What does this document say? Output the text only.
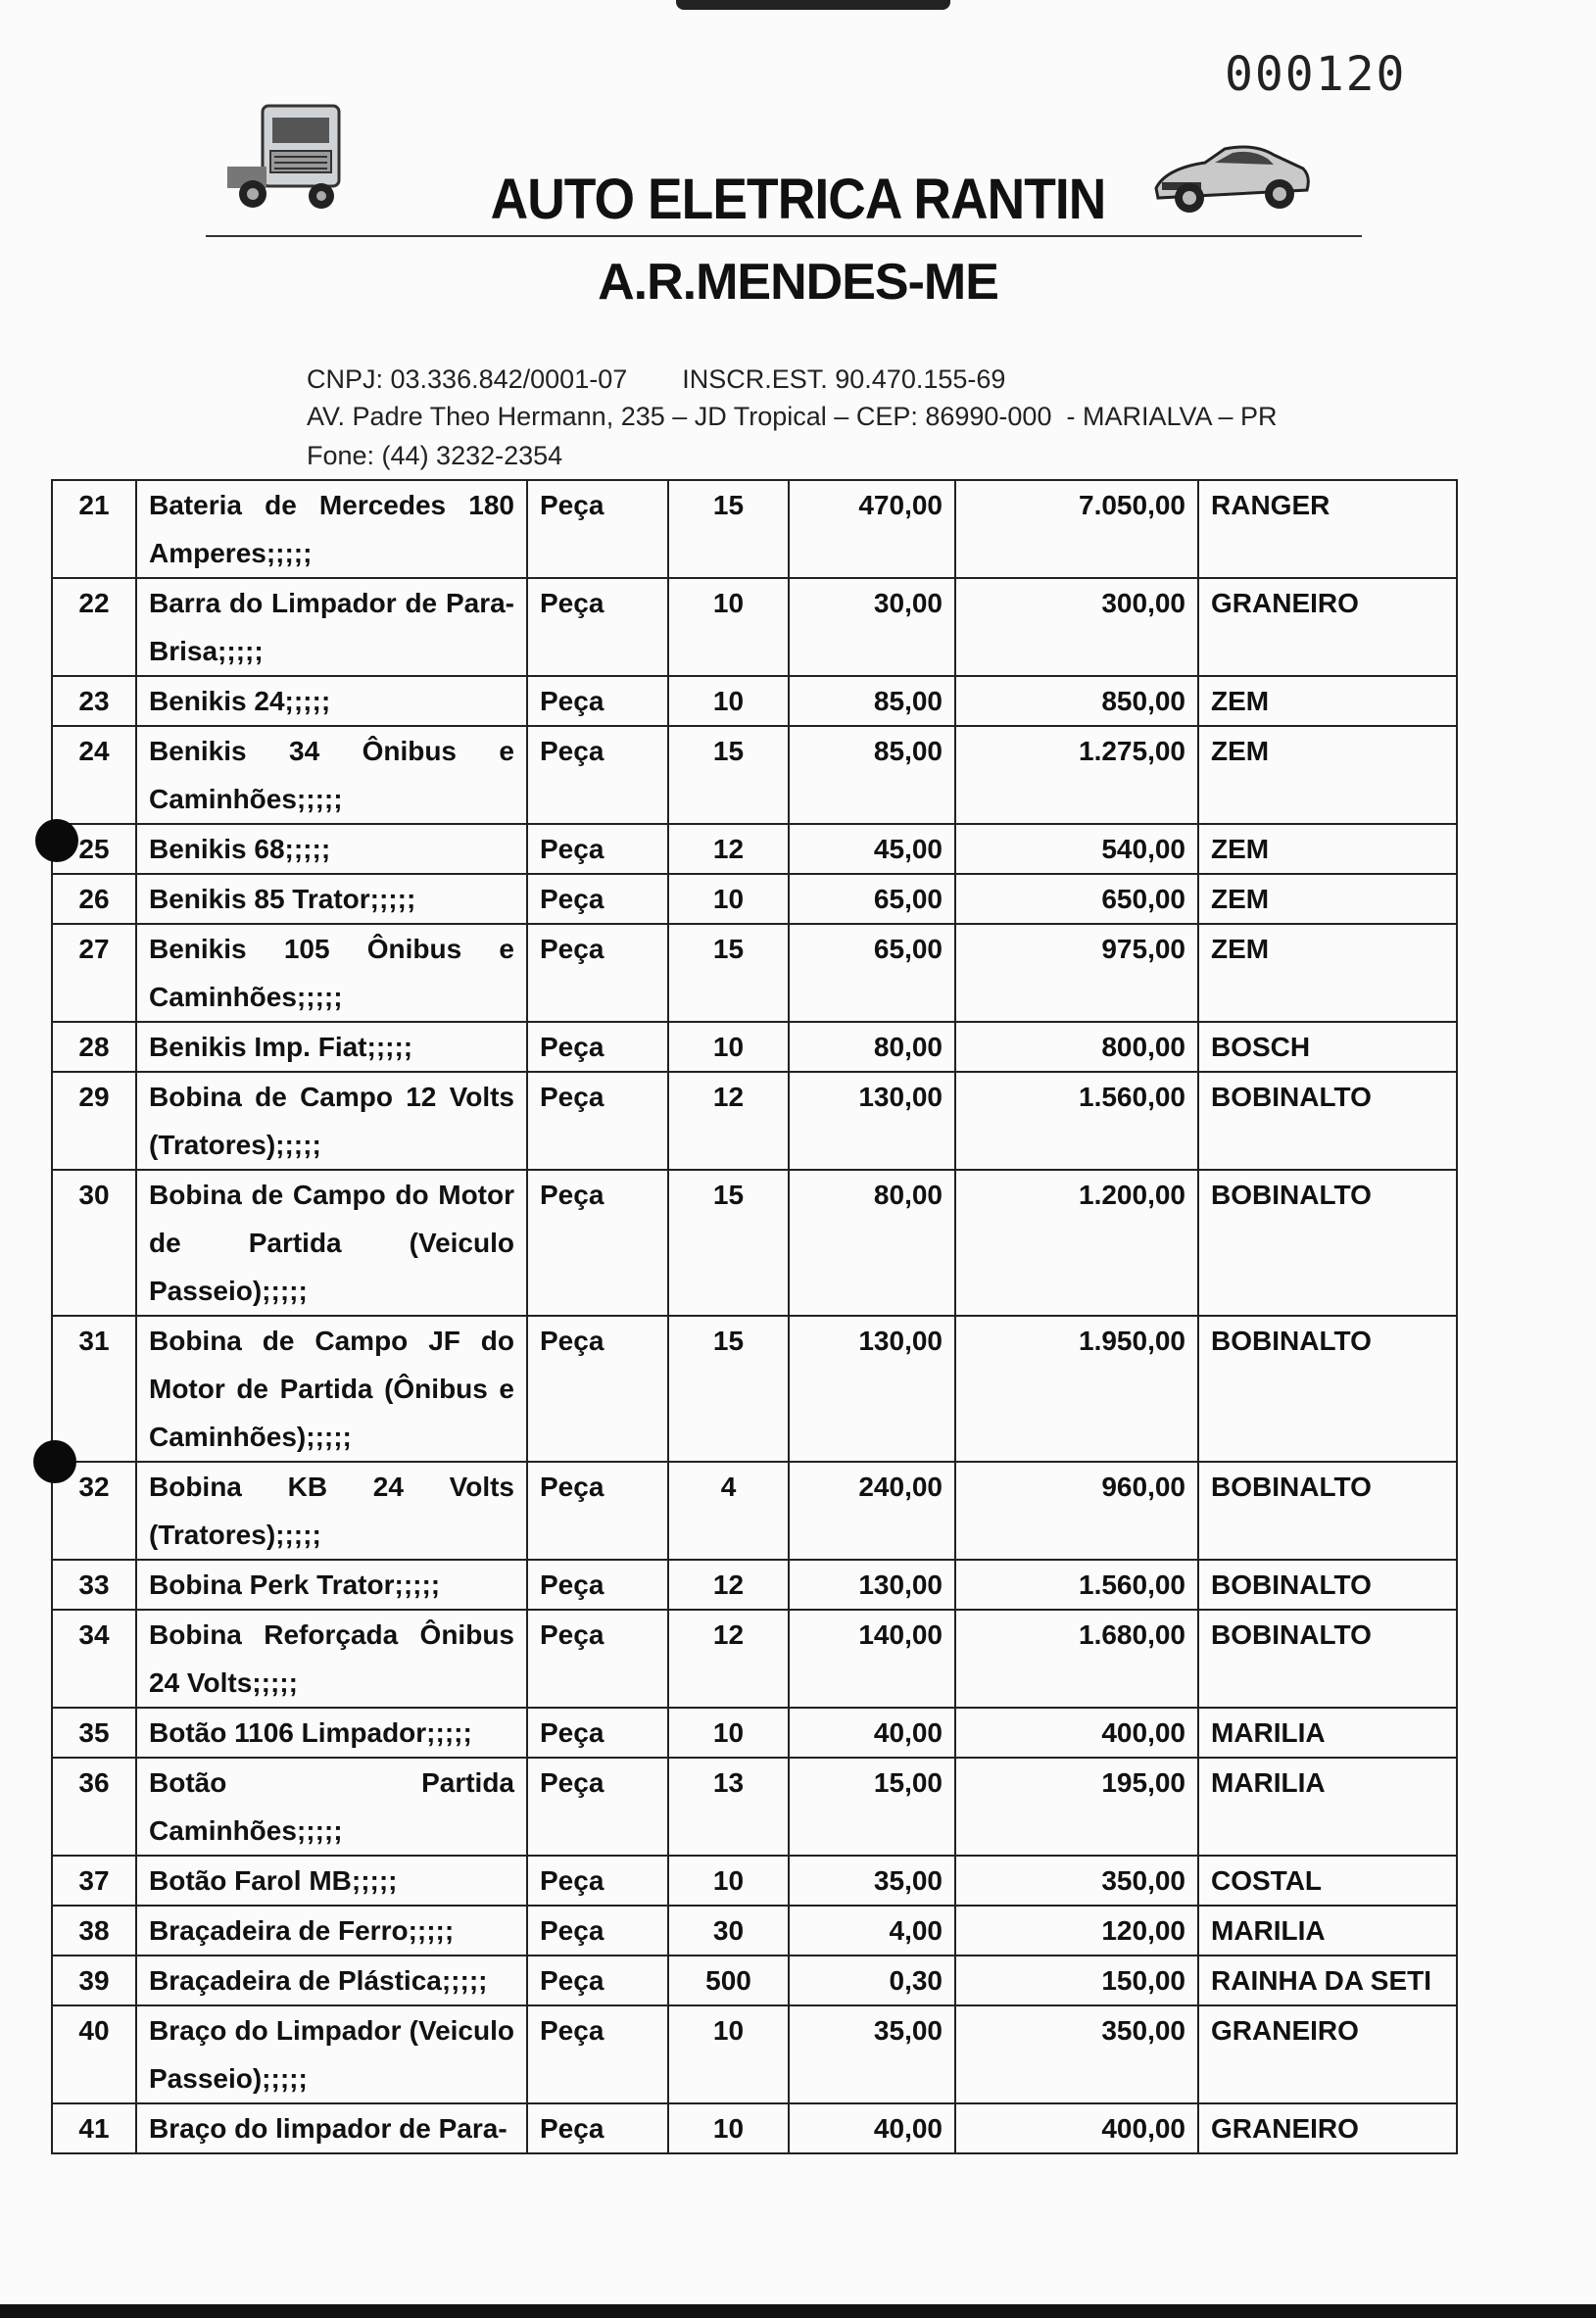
000120
AUTO ELETRICA RANTIN
A.R.MENDES-ME
CNPJ: 03.336.842/0001-07 INSCR.EST. 90.470.155-69
AV. Padre Theo Hermann, 235 – JD Tropical – CEP: 86990-000  - MARIALVA – PR
Fone: (44) 3232-2354
21	Bateria de Mercedes 180 Amperes;;;;;	Peça	15	470,00	7.050,00	RANGER
22	Barra do Limpador de Para-Brisa;;;;;	Peça	10	30,00	300,00	GRANEIRO
23	Benikis 24;;;;;	Peça	10	85,00	850,00	ZEM
24	Benikis 34 Ônibus e Caminhões;;;;;	Peça	15	85,00	1.275,00	ZEM
25	Benikis 68;;;;;	Peça	12	45,00	540,00	ZEM
26	Benikis 85 Trator;;;;;	Peça	10	65,00	650,00	ZEM
27	Benikis 105 Ônibus e Caminhões;;;;;	Peça	15	65,00	975,00	ZEM
28	Benikis Imp. Fiat;;;;;	Peça	10	80,00	800,00	BOSCH
29	Bobina de Campo 12 Volts (Tratores);;;;;	Peça	12	130,00	1.560,00	BOBINALTO
30	Bobina de Campo do Motor de Partida (Veiculo Passeio);;;;;	Peça	15	80,00	1.200,00	BOBINALTO
31	Bobina de Campo JF do Motor de Partida (Ônibus e Caminhões);;;;;	Peça	15	130,00	1.950,00	BOBINALTO
32	Bobina KB 24 Volts (Tratores);;;;;	Peça	4	240,00	960,00	BOBINALTO
33	Bobina Perk Trator;;;;;	Peça	12	130,00	1.560,00	BOBINALTO
34	Bobina Reforçada Ônibus 24 Volts;;;;;	Peça	12	140,00	1.680,00	BOBINALTO
35	Botão 1106 Limpador;;;;;	Peça	10	40,00	400,00	MARILIA
36	Botão Partida Caminhões;;;;;	Peça	13	15,00	195,00	MARILIA
37	Botão Farol MB;;;;;	Peça	10	35,00	350,00	COSTAL
38	Braçadeira de Ferro;;;;;	Peça	30	4,00	120,00	MARILIA
39	Braçadeira de Plástica;;;;;	Peça	500	0,30	150,00	RAINHA DA SETI
40	Braço do Limpador (Veiculo Passeio);;;;;	Peça	10	35,00	350,00	GRANEIRO
41	Braço do limpador de Para-	Peça	10	40,00	400,00	GRANEIRO
